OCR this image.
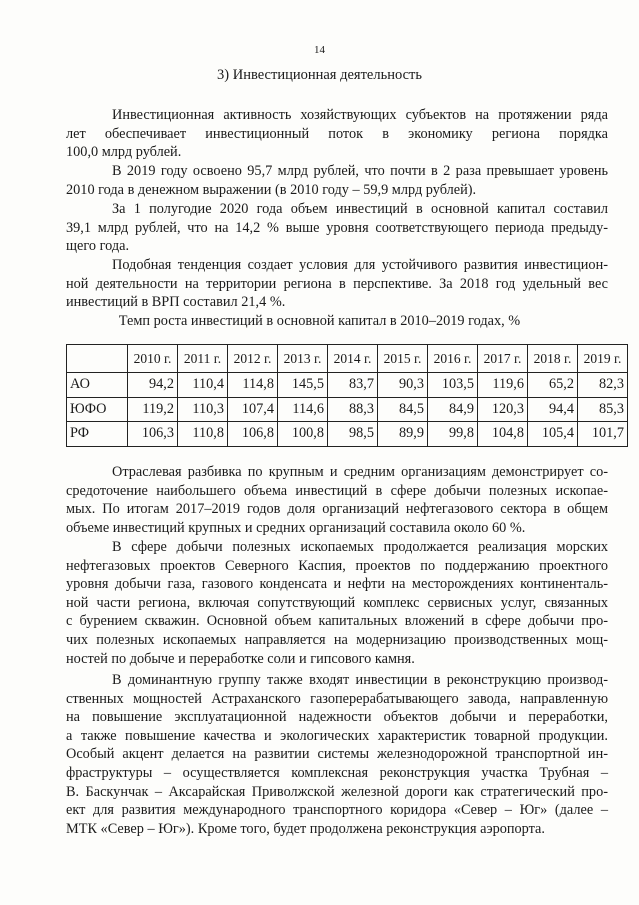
14
3) Инвестиционная деятельность
Инвестиционная активность хозяйствующих субъектов на протяжении ряда
лет обеспечивает инвестиционный поток в экономику региона порядка
100,0 млрд рублей.
В 2019 году освоено 95,7 млрд рублей, что почти в 2 раза превышает уровень
2010 года в денежном выражении (в 2010 году – 59,9 млрд рублей).
За 1 полугодие 2020 года объем инвестиций в основной капитал составил
39,1 млрд рублей, что на 14,2 % выше уровня соответствующего периода предыду-
щего года.
Подобная тенденция создает условия для устойчивого развития инвестицион-
ной деятельности на территории региона в перспективе. За 2018 год удельный вес
инвестиций в ВРП составил 21,4 %.
Темп роста инвестиций в основной капитал в 2010–2019 годах, %
	2010 г.	2011 г.	2012 г.	2013 г.	2014 г.	2015 г.	2016 г.	2017 г.	2018 г.	2019 г.
АО	94,2	110,4	114,8	145,5	83,7	90,3	103,5	119,6	65,2	82,3
ЮФО	119,2	110,3	107,4	114,6	88,3	84,5	84,9	120,3	94,4	85,3
РФ	106,3	110,8	106,8	100,8	98,5	89,9	99,8	104,8	105,4	101,7
Отраслевая разбивка по крупным и средним организациям демонстрирует со-
средоточение наибольшего объема инвестиций в сфере добычи полезных ископае-
мых. По итогам 2017–2019 годов доля организаций нефтегазового сектора в общем
объеме инвестиций крупных и средних организаций составила около 60 %.
В сфере добычи полезных ископаемых продолжается реализация морских
нефтегазовых проектов Северного Каспия, проектов по поддержанию проектного
уровня добычи газа, газового конденсата и нефти на месторождениях континенталь-
ной части региона, включая сопутствующий комплекс сервисных услуг, связанных
с бурением скважин. Основной объем капитальных вложений в сфере добычи про-
чих полезных ископаемых направляется на модернизацию производственных мощ-
ностей по добыче и переработке соли и гипсового камня.
В доминантную группу также входят инвестиции в реконструкцию производ-
ственных мощностей Астраханского газоперерабатывающего завода, направленную
на повышение эксплуатационной надежности объектов добычи и переработки,
а также повышение качества и экологических характеристик товарной продукции.
Особый акцент делается на развитии системы железнодорожной транспортной ин-
фраструктуры – осуществляется комплексная реконструкция участка Трубная –
В. Баскунчак – Аксарайская Приволжской железной дороги как стратегический про-
ект для развития международного транспортного коридора «Север – Юг» (далее –
МТК «Север – Юг»). Кроме того, будет продолжена реконструкция аэропорта.
